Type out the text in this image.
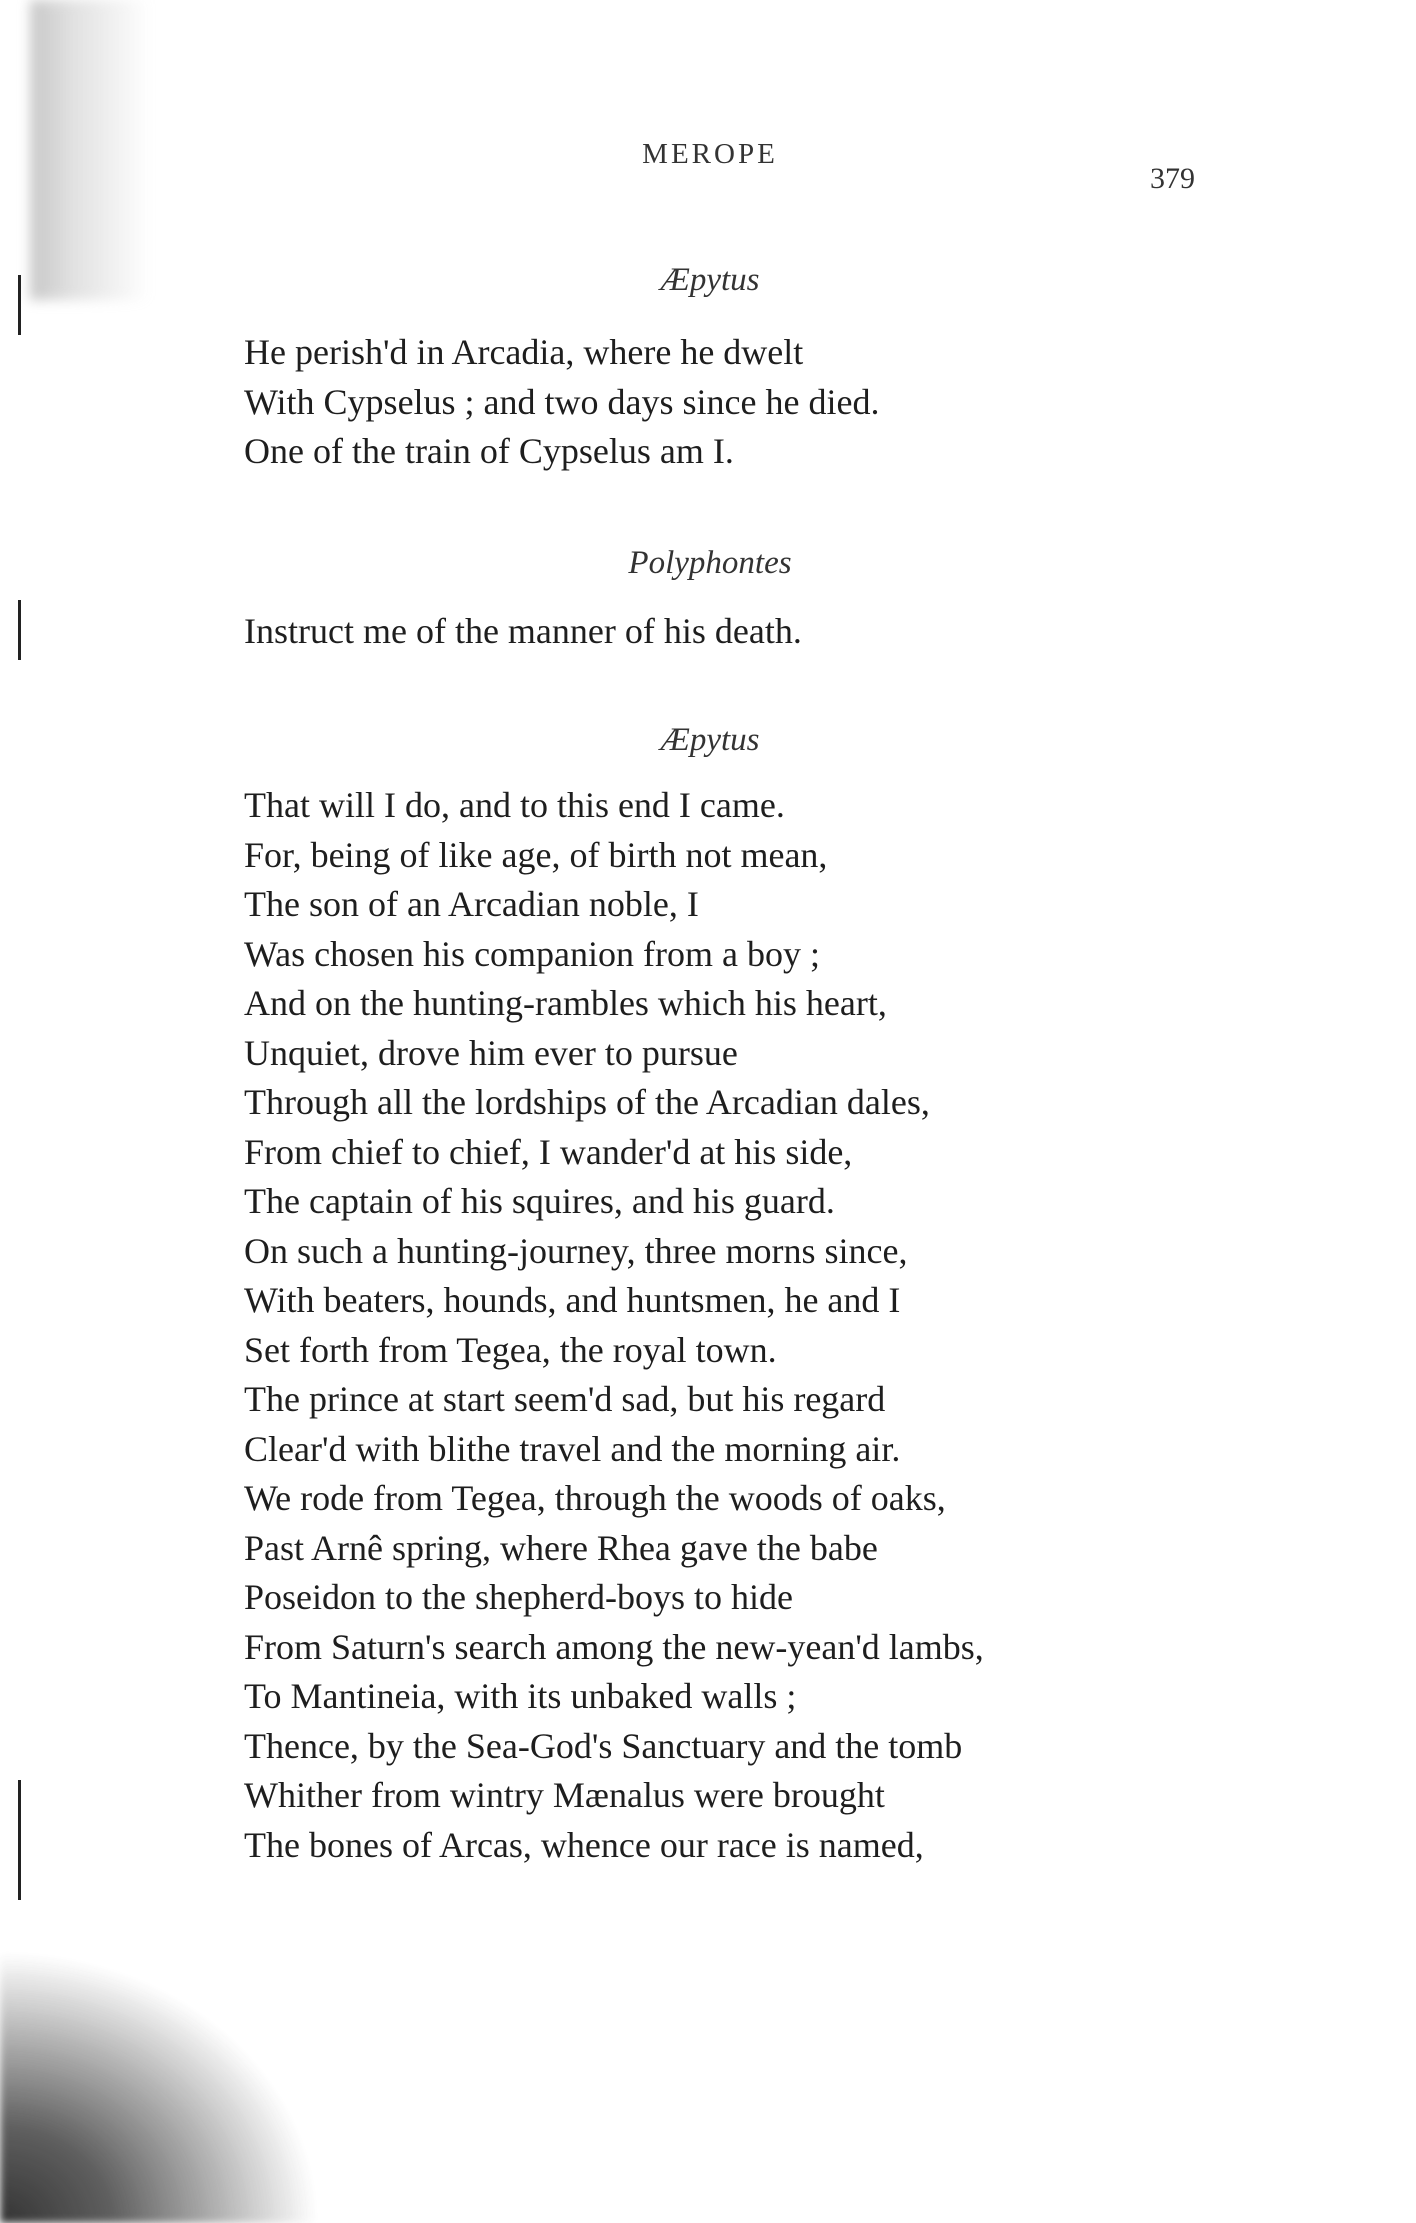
MEROPE
379
Æpytus
He perish'd in Arcadia, where he dwelt
With Cypselus ; and two days since he died.
One of the train of Cypselus am I.
Polyphontes
Instruct me of the manner of his death.
Æpytus
That will I do, and to this end I came.
For, being of like age, of birth not mean,
The son of an Arcadian noble, I
Was chosen his companion from a boy ;
And on the hunting-rambles which his heart,
Unquiet, drove him ever to pursue
Through all the lordships of the Arcadian dales,
From chief to chief, I wander'd at his side,
The captain of his squires, and his guard.
On such a hunting-journey, three morns since,
With beaters, hounds, and huntsmen, he and I
Set forth from Tegea, the royal town.
The prince at start seem'd sad, but his regard
Clear'd with blithe travel and the morning air.
We rode from Tegea, through the woods of oaks,
Past Arnê spring, where Rhea gave the babe
Poseidon to the shepherd-boys to hide
From Saturn's search among the new-yean'd lambs,
To Mantineia, with its unbaked walls ;
Thence, by the Sea-God's Sanctuary and the tomb
Whither from wintry Mænalus were brought
The bones of Arcas, whence our race is named,
